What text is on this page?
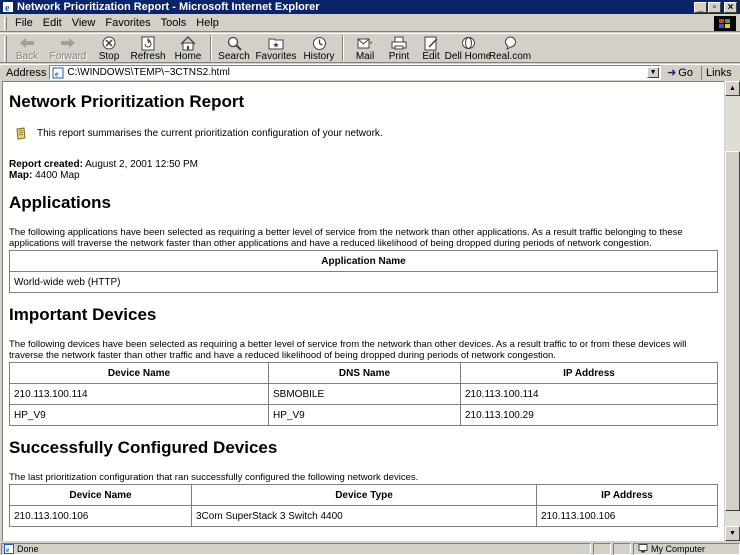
e Network Prioritization Report - Microsoft Internet Explorer	_ ▫	×
File Edit View Favorites Tools Help
Back Forward Stop Refresh Home Search Favorites History Mail Print Edit Dell Home
Real.com
Address	e C:\WINDOWS\TEMP\~3CTNS2.html	▼ ➜ Go	Links
Network Prioritization Report
This report summarises the current prioritization configuration of your network.
Report created: August 2, 2001 12:50 PM
Map: 4400 Map
Applications

The following applications have been selected as requiring a better level of service from the network than other applications. As a result traffic belonging to these applications will traverse the network faster than other applications and have a reduced likelihood of being dropped during periods of network congestion.

Application Name
World-wide web (HTTP)
Important Devices

The following devices have been selected as requiring a better level of service from the network than other devices. As a result traffic to or from these devices will traverse the network faster than other traffic and have a reduced likelihood of being dropped during periods of network congestion.

Device Name	DNS Name	IP Address
210.113.100.114	SBMOBILE	210.113.100.114
HP_V9	HP_V9	210.113.100.29
Successfully Configured Devices

The last prioritization configuration that ran successfully configured the following network devices.

Device Name	Device Type	IP Address
210.113.100.106	3Com SuperStack 3 Switch 4400	210.113.100.106
▲
▼
e Done	My Computer
